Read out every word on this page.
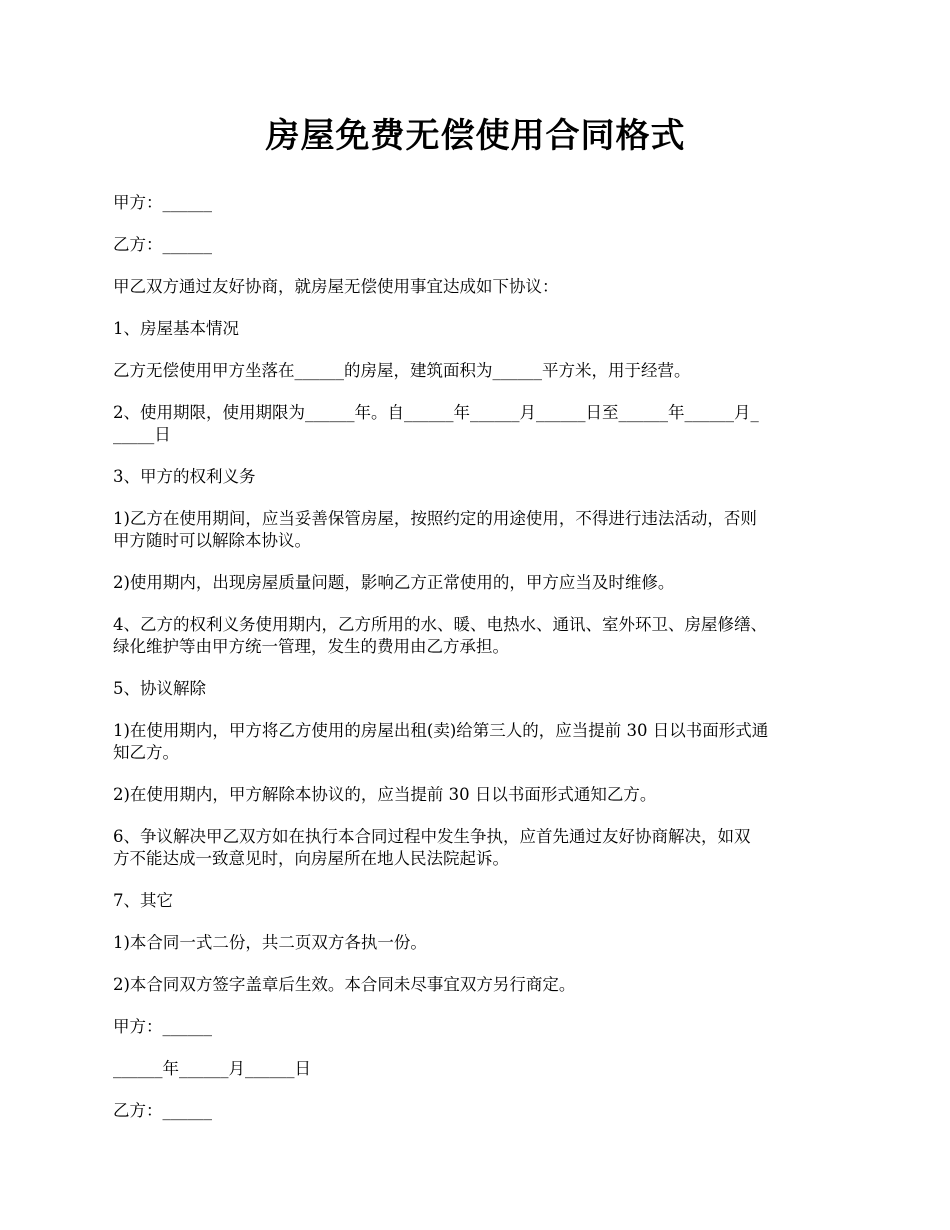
房屋免费无偿使用合同格式

甲方：______

乙方：______

甲乙双方通过友好协商，就房屋无偿使用事宜达成如下协议：

1、房屋基本情况

乙方无偿使用甲方坐落在______的房屋，建筑面积为______平方米，用于经营。

2、使用期限，使用期限为______年。自______年______月______日至______年______月_
_____日

3、甲方的权利义务

1)乙方在使用期间，应当妥善保管房屋，按照约定的用途使用，不得进行违法活动，否则
甲方随时可以解除本协议。

2)使用期内，出现房屋质量问题，影响乙方正常使用的，甲方应当及时维修。

4、乙方的权利义务使用期内，乙方所用的水、暖、电热水、通讯、室外环卫、房屋修缮、
绿化维护等由甲方统一管理，发生的费用由乙方承担。

5、协议解除

1)在使用期内，甲方将乙方使用的房屋出租(卖)给第三人的，应当提前 30 日以书面形式通
知乙方。

2)在使用期内，甲方解除本协议的，应当提前 30 日以书面形式通知乙方。

6、争议解决甲乙双方如在执行本合同过程中发生争执，应首先通过友好协商解决，如双
方不能达成一致意见时，向房屋所在地人民法院起诉。

7、其它

1)本合同一式二份，共二页双方各执一份。

2)本合同双方签字盖章后生效。本合同未尽事宜双方另行商定。

甲方：______

______年______月______日

乙方：______
